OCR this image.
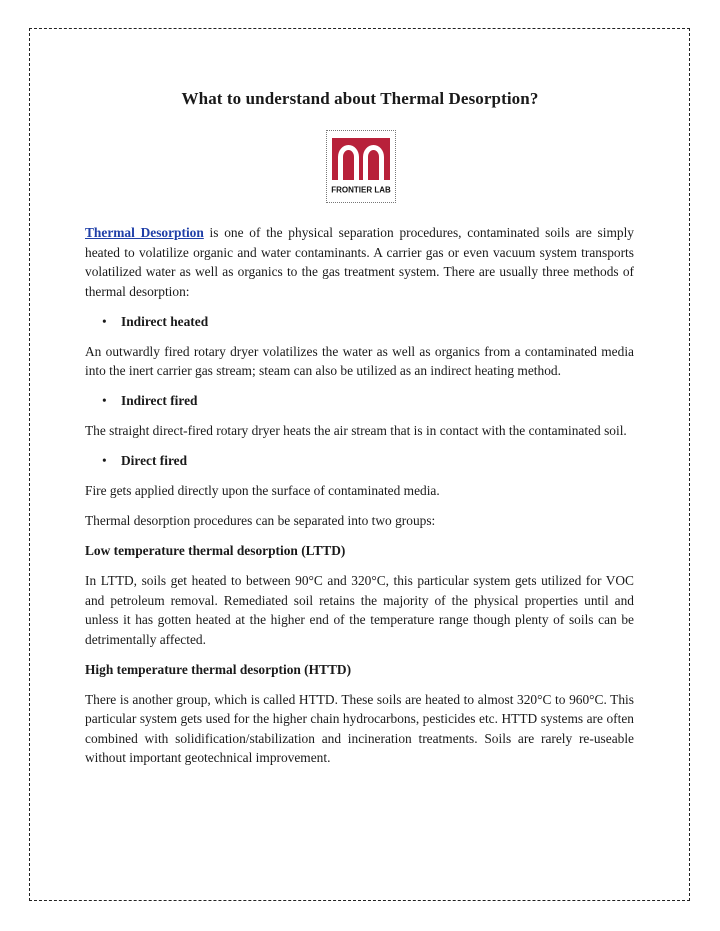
What to understand about Thermal Desorption?
FRONTIER LAB

Thermal Desorption is one of the physical separation procedures, contaminated soils are simply heated to volatilize organic and water contaminants. A carrier gas or even vacuum system transports volatilized water as well as organics to the gas treatment system. There are usually three methods of thermal desorption:

•	Indirect heated

An outwardly fired rotary dryer volatilizes the water as well as organics from a contaminated media into the inert carrier gas stream; steam can also be utilized as an indirect heating method.

•	Indirect fired

The straight direct-fired rotary dryer heats the air stream that is in contact with the contaminated soil.

•	Direct fired

Fire gets applied directly upon the surface of contaminated media.

Thermal desorption procedures can be separated into two groups:

Low temperature thermal desorption (LTTD)

In LTTD, soils get heated to between 90°C and 320°C, this particular system gets utilized for VOC and petroleum removal. Remediated soil retains the majority of the physical properties until and unless it has gotten heated at the higher end of the temperature range though plenty of soils can be detrimentally affected.

High temperature thermal desorption (HTTD)

There is another group, which is called HTTD. These soils are heated to almost 320°C to 960°C. This particular system gets used for the higher chain hydrocarbons, pesticides etc. HTTD systems are often combined with solidification/stabilization and incineration treatments. Soils are rarely re-useable without important geotechnical improvement.
